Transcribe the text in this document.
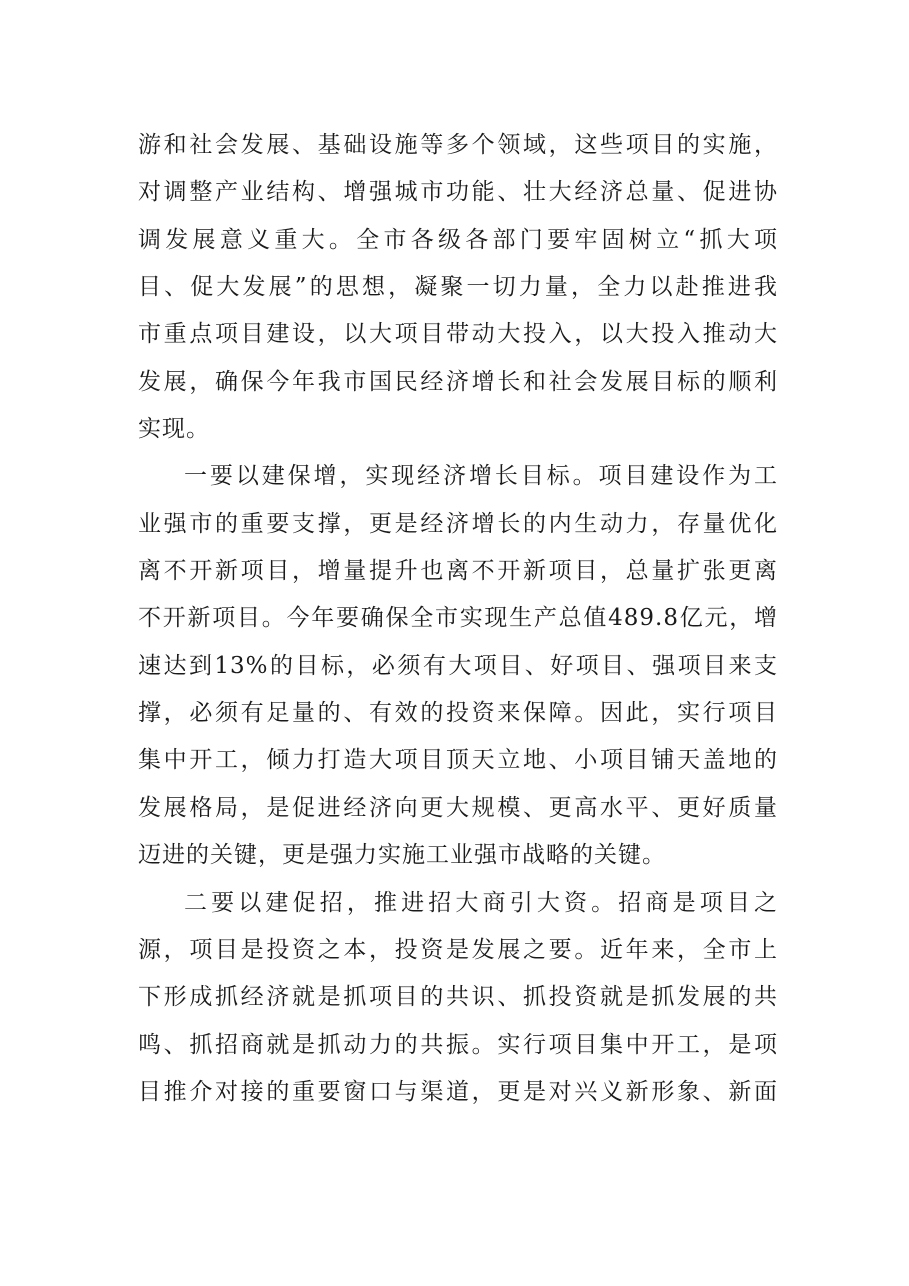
游和社会发展、基础设施等多个领域，这些项目的实施，
对调整产业结构、增强城市功能、壮大经济总量、促进协
调发展意义重大。全市各级各部门要牢固树立“抓大项
目、促大发展”的思想，凝聚一切力量，全力以赴推进我
市重点项目建设，以大项目带动大投入，以大投入推动大
发展，确保今年我市国民经济增长和社会发展目标的顺利
实现。
一要以建保增，实现经济增长目标。项目建设作为工
业强市的重要支撑，更是经济增长的内生动力，存量优化
离不开新项目，增量提升也离不开新项目，总量扩张更离
不开新项目。今年要确保全市实现生产总值489.8亿元，增
速达到13%的目标，必须有大项目、好项目、强项目来支
撑，必须有足量的、有效的投资来保障。因此，实行项目
集中开工，倾力打造大项目顶天立地、小项目铺天盖地的
发展格局，是促进经济向更大规模、更高水平、更好质量
迈进的关键，更是强力实施工业强市战略的关键。
二要以建促招，推进招大商引大资。招商是项目之
源，项目是投资之本，投资是发展之要。近年来，全市上
下形成抓经济就是抓项目的共识、抓投资就是抓发展的共
鸣、抓招商就是抓动力的共振。实行项目集中开工，是项
目推介对接的重要窗口与渠道，更是对兴义新形象、新面
